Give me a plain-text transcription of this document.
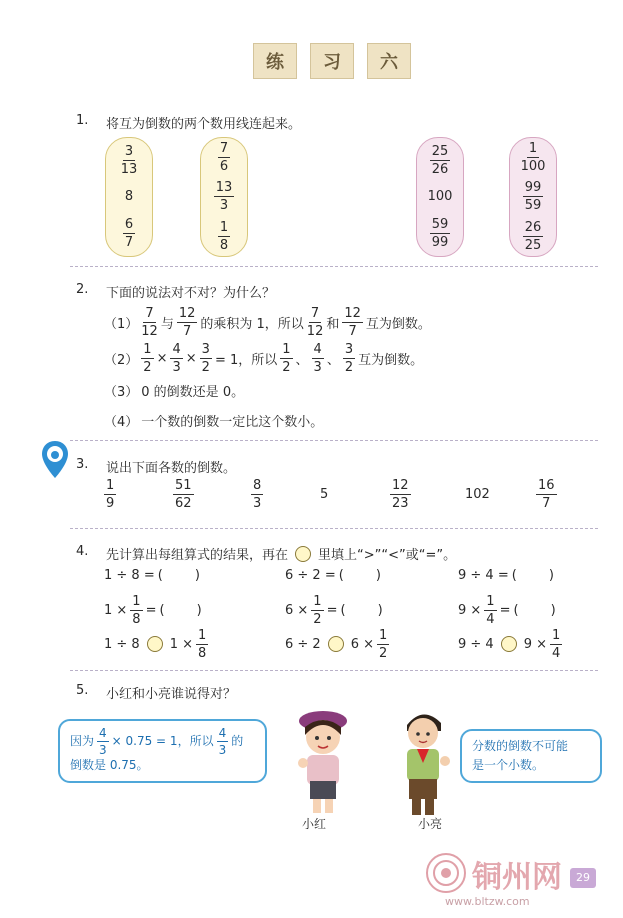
练	习	六
1. 将互为倒数的两个数用线连起来。
$\frac{3}{13}$
8
$\frac{6}{7}$
$\frac{7}{6}$
$\frac{13}{3}$
$\frac{1}{8}$
$\frac{25}{26}$
100
$\frac{59}{99}$
$\frac{1}{100}$
$\frac{99}{59}$
$\frac{26}{25}$
2. 下面的说法对不对？为什么？
$(1) \frac{7}{12}$ 与 $\frac{12}{7}$ 的乘积为 1，所以 $\frac{7}{12}$ 和 $\frac{12}{7}$ 互为倒数。
$(2) \frac{1}{2} \times \frac{4}{3} \times \frac{3}{2} = 1$，所以 $\frac{1}{2}$ 、 $\frac{4}{3}$ 、 $\frac{3}{2}$ 互为倒数。
（3） 0 的倒数还是 0。
（4） 一个数的倒数一定比这个数小。
3. 说出下面各数的倒数。
$\frac{1}{9}$	$\frac{51}{62}$	$\frac{8}{3}$	5	$\frac{12}{23}$	102	$\frac{16}{7}$
4. 先计算出每组算式的结果，再在 里填上“>”“<”或“=”。
1 ÷ 8 = ( )	6 ÷ 2 = ( )	9 ÷ 4 = ( )
$1 \times \frac{1}{8}$ = ( )	$6 \times \frac{1}{2}$ = ( )	$9 \times \frac{1}{4}$ = ( )
1 ÷ 8 $1 \times \frac{1}{8}$	6 ÷ 2 $6 \times \frac{1}{2}$	9 ÷ 4 $9 \times \frac{1}{4}$
5. 小红和小亮谁说得对？
因为 $\frac{4}{3} \times 0.75 = 1$，所以 $\frac{4}{3}$ 的
倒数是 0.75。
分数的倒数不可能
是一个小数。
小红	小亮
铜州网
www.bltzw.com
29
